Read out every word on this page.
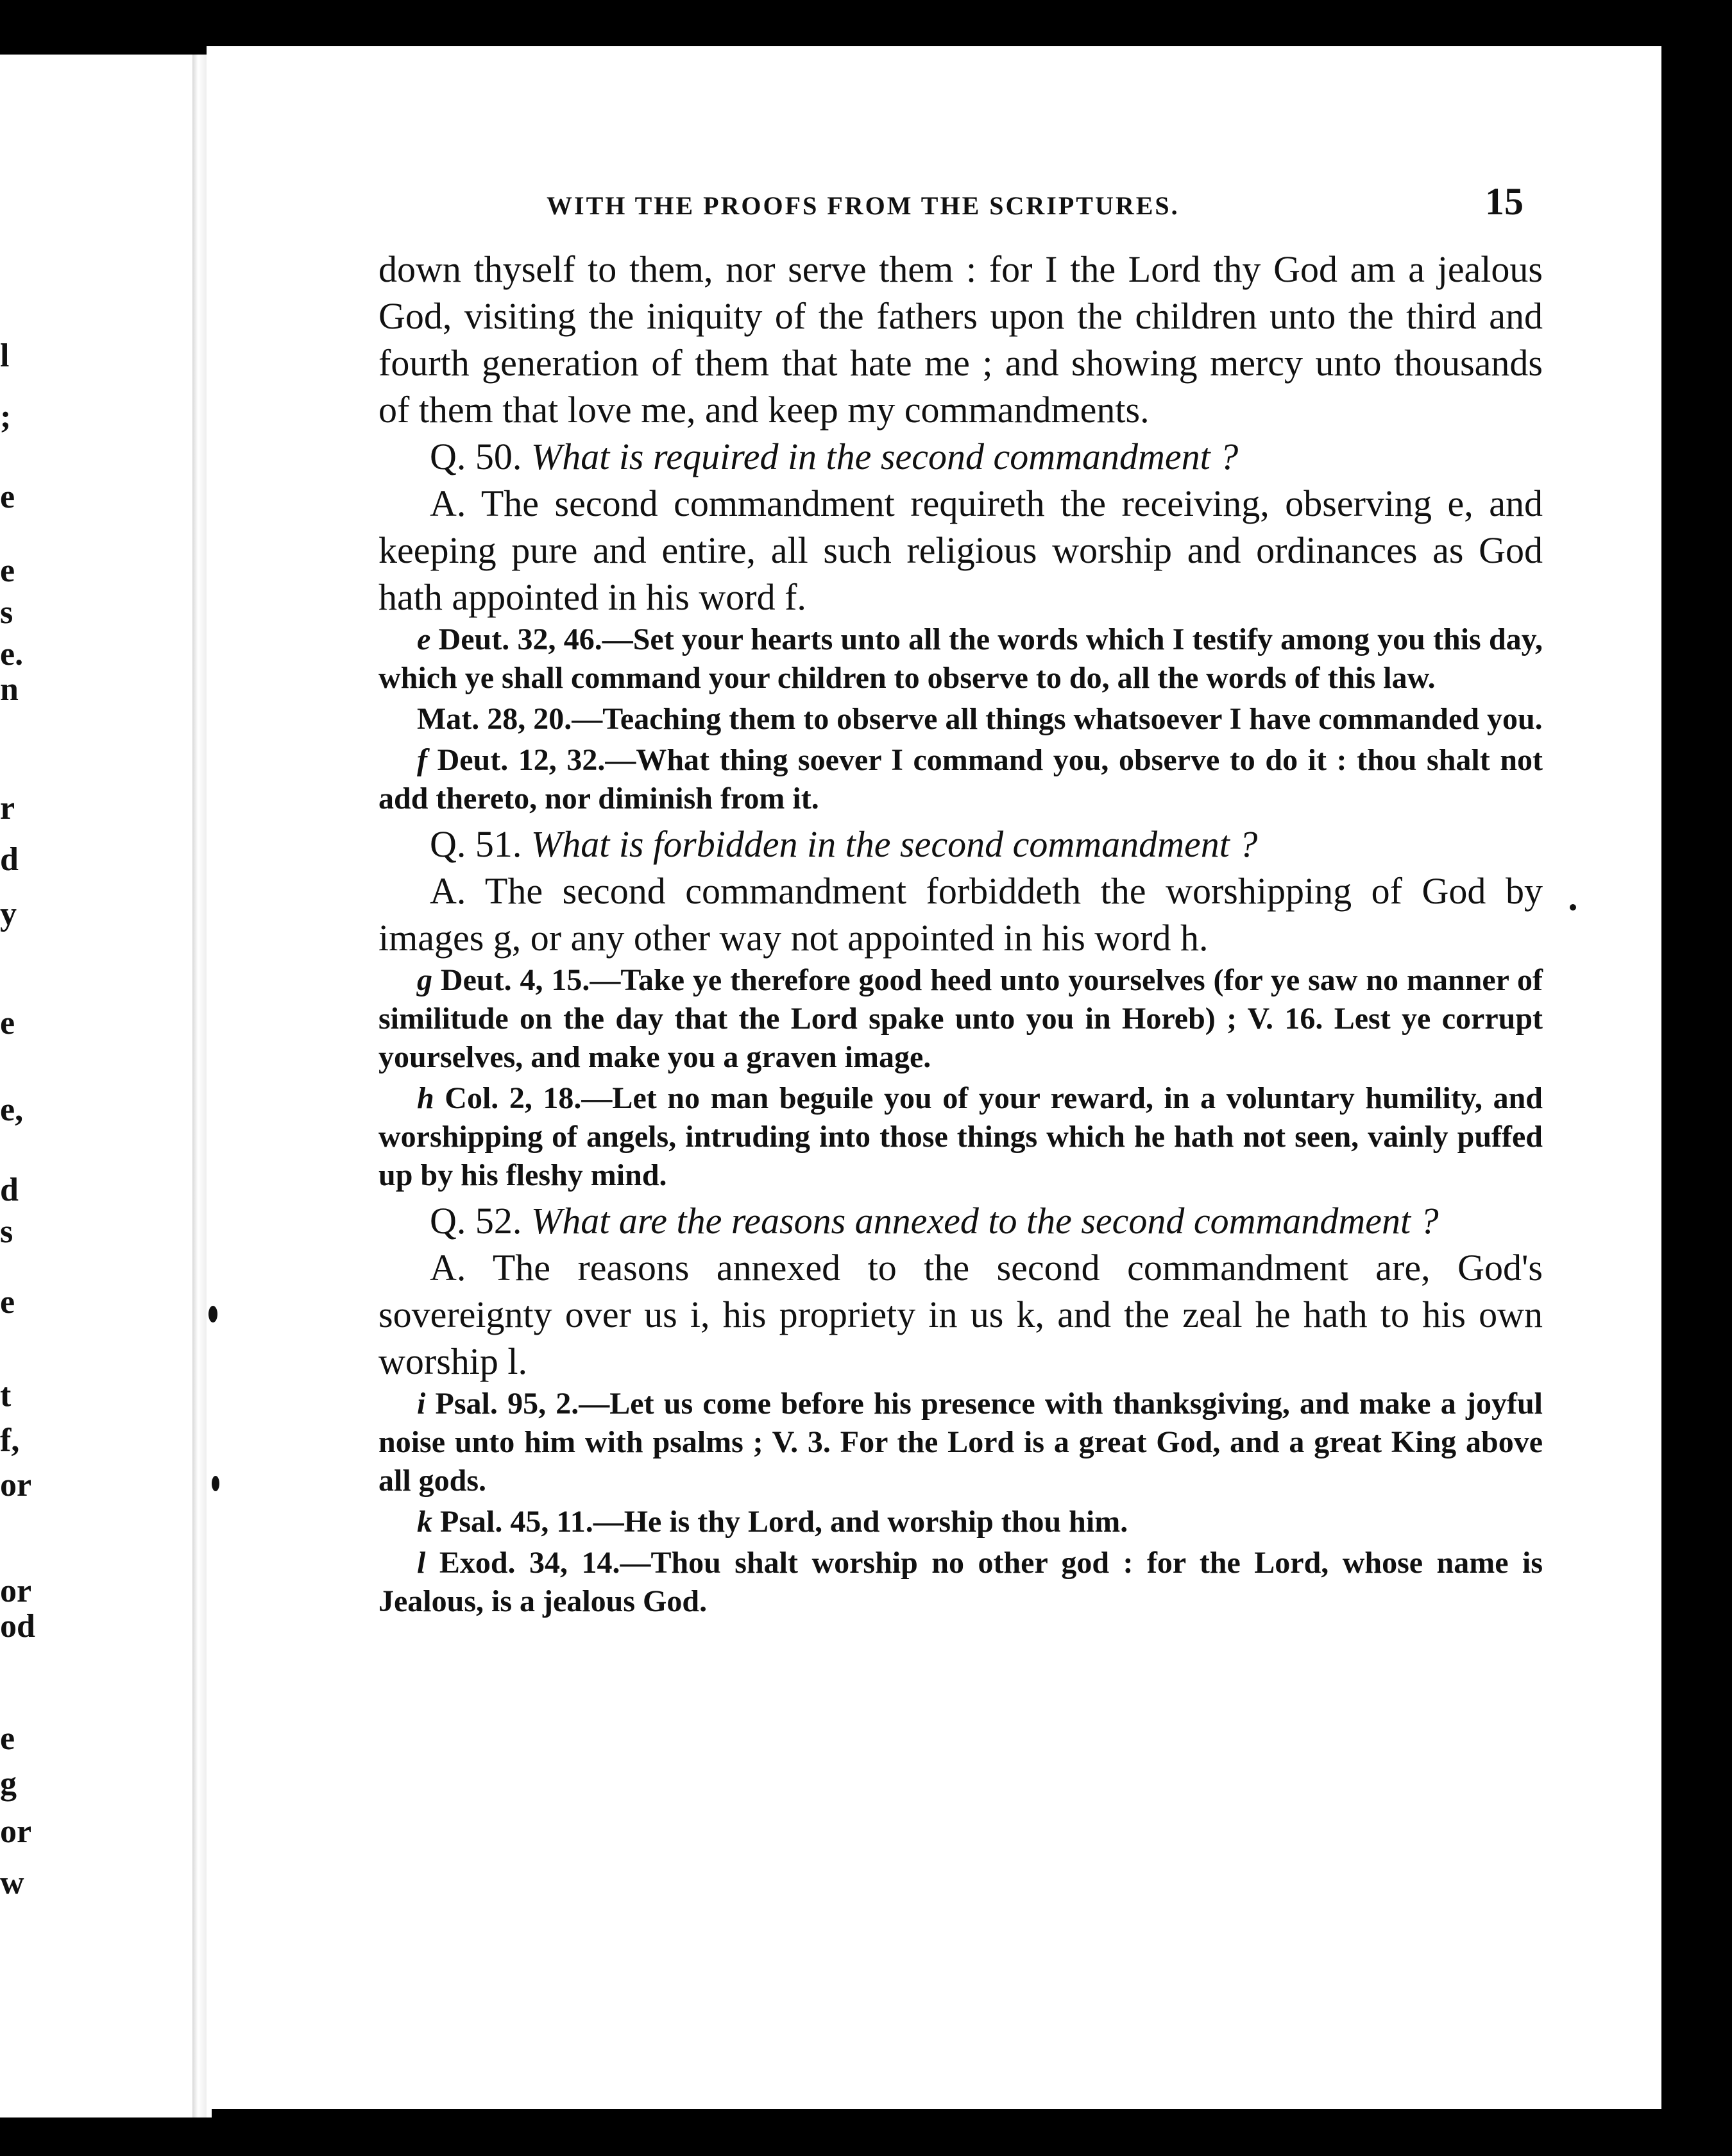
l
;
e
e
s
e.
n
r
d
y
e
e,
d
s
e
t
f,
or
or
od
e
g
or
w
WITH THE PROOFS FROM THE SCRIPTURES.	15

down thyself to them, nor serve them : for I the Lord thy God am a jealous God, visiting the iniquity of the fathers upon the children unto the third and fourth generation of them that hate me ; and showing mercy unto thousands of them that love me, and keep my commandments.

Q. 50. What is required in the second commandment ?

A. The second commandment requireth the receiving, observing e, and keeping pure and entire, all such religious worship and ordinances as God hath appointed in his word f.

e Deut. 32, 46.—Set your hearts unto all the words which I testify among you this day, which ye shall command your children to observe to do, all the words of this law.

Mat. 28, 20.—Teaching them to observe all things whatsoever I have commanded you.

f Deut. 12, 32.—What thing soever I command you, observe to do it : thou shalt not add thereto, nor diminish from it.

Q. 51. What is forbidden in the second commandment ?

A. The second commandment forbiddeth the worshipping of God by images g, or any other way not appointed in his word h.

g Deut. 4, 15.—Take ye therefore good heed unto yourselves (for ye saw no manner of similitude on the day that the Lord spake unto you in Horeb) ; V. 16. Lest ye corrupt yourselves, and make you a graven image.

h Col. 2, 18.—Let no man beguile you of your reward, in a voluntary humility, and worshipping of angels, intruding into those things which he hath not seen, vainly puffed up by his fleshy mind.

Q. 52. What are the reasons annexed to the second commandment ?

A. The reasons annexed to the second commandment are, God's sovereignty over us i, his propriety in us k, and the zeal he hath to his own worship l.

i Psal. 95, 2.—Let us come before his presence with thanksgiving, and make a joyful noise unto him with psalms ; V. 3. For the Lord is a great God, and a great King above all gods.

k Psal. 45, 11.—He is thy Lord, and worship thou him.

l Exod. 34, 14.—Thou shalt worship no other god : for the Lord, whose name is Jealous, is a jealous God.
